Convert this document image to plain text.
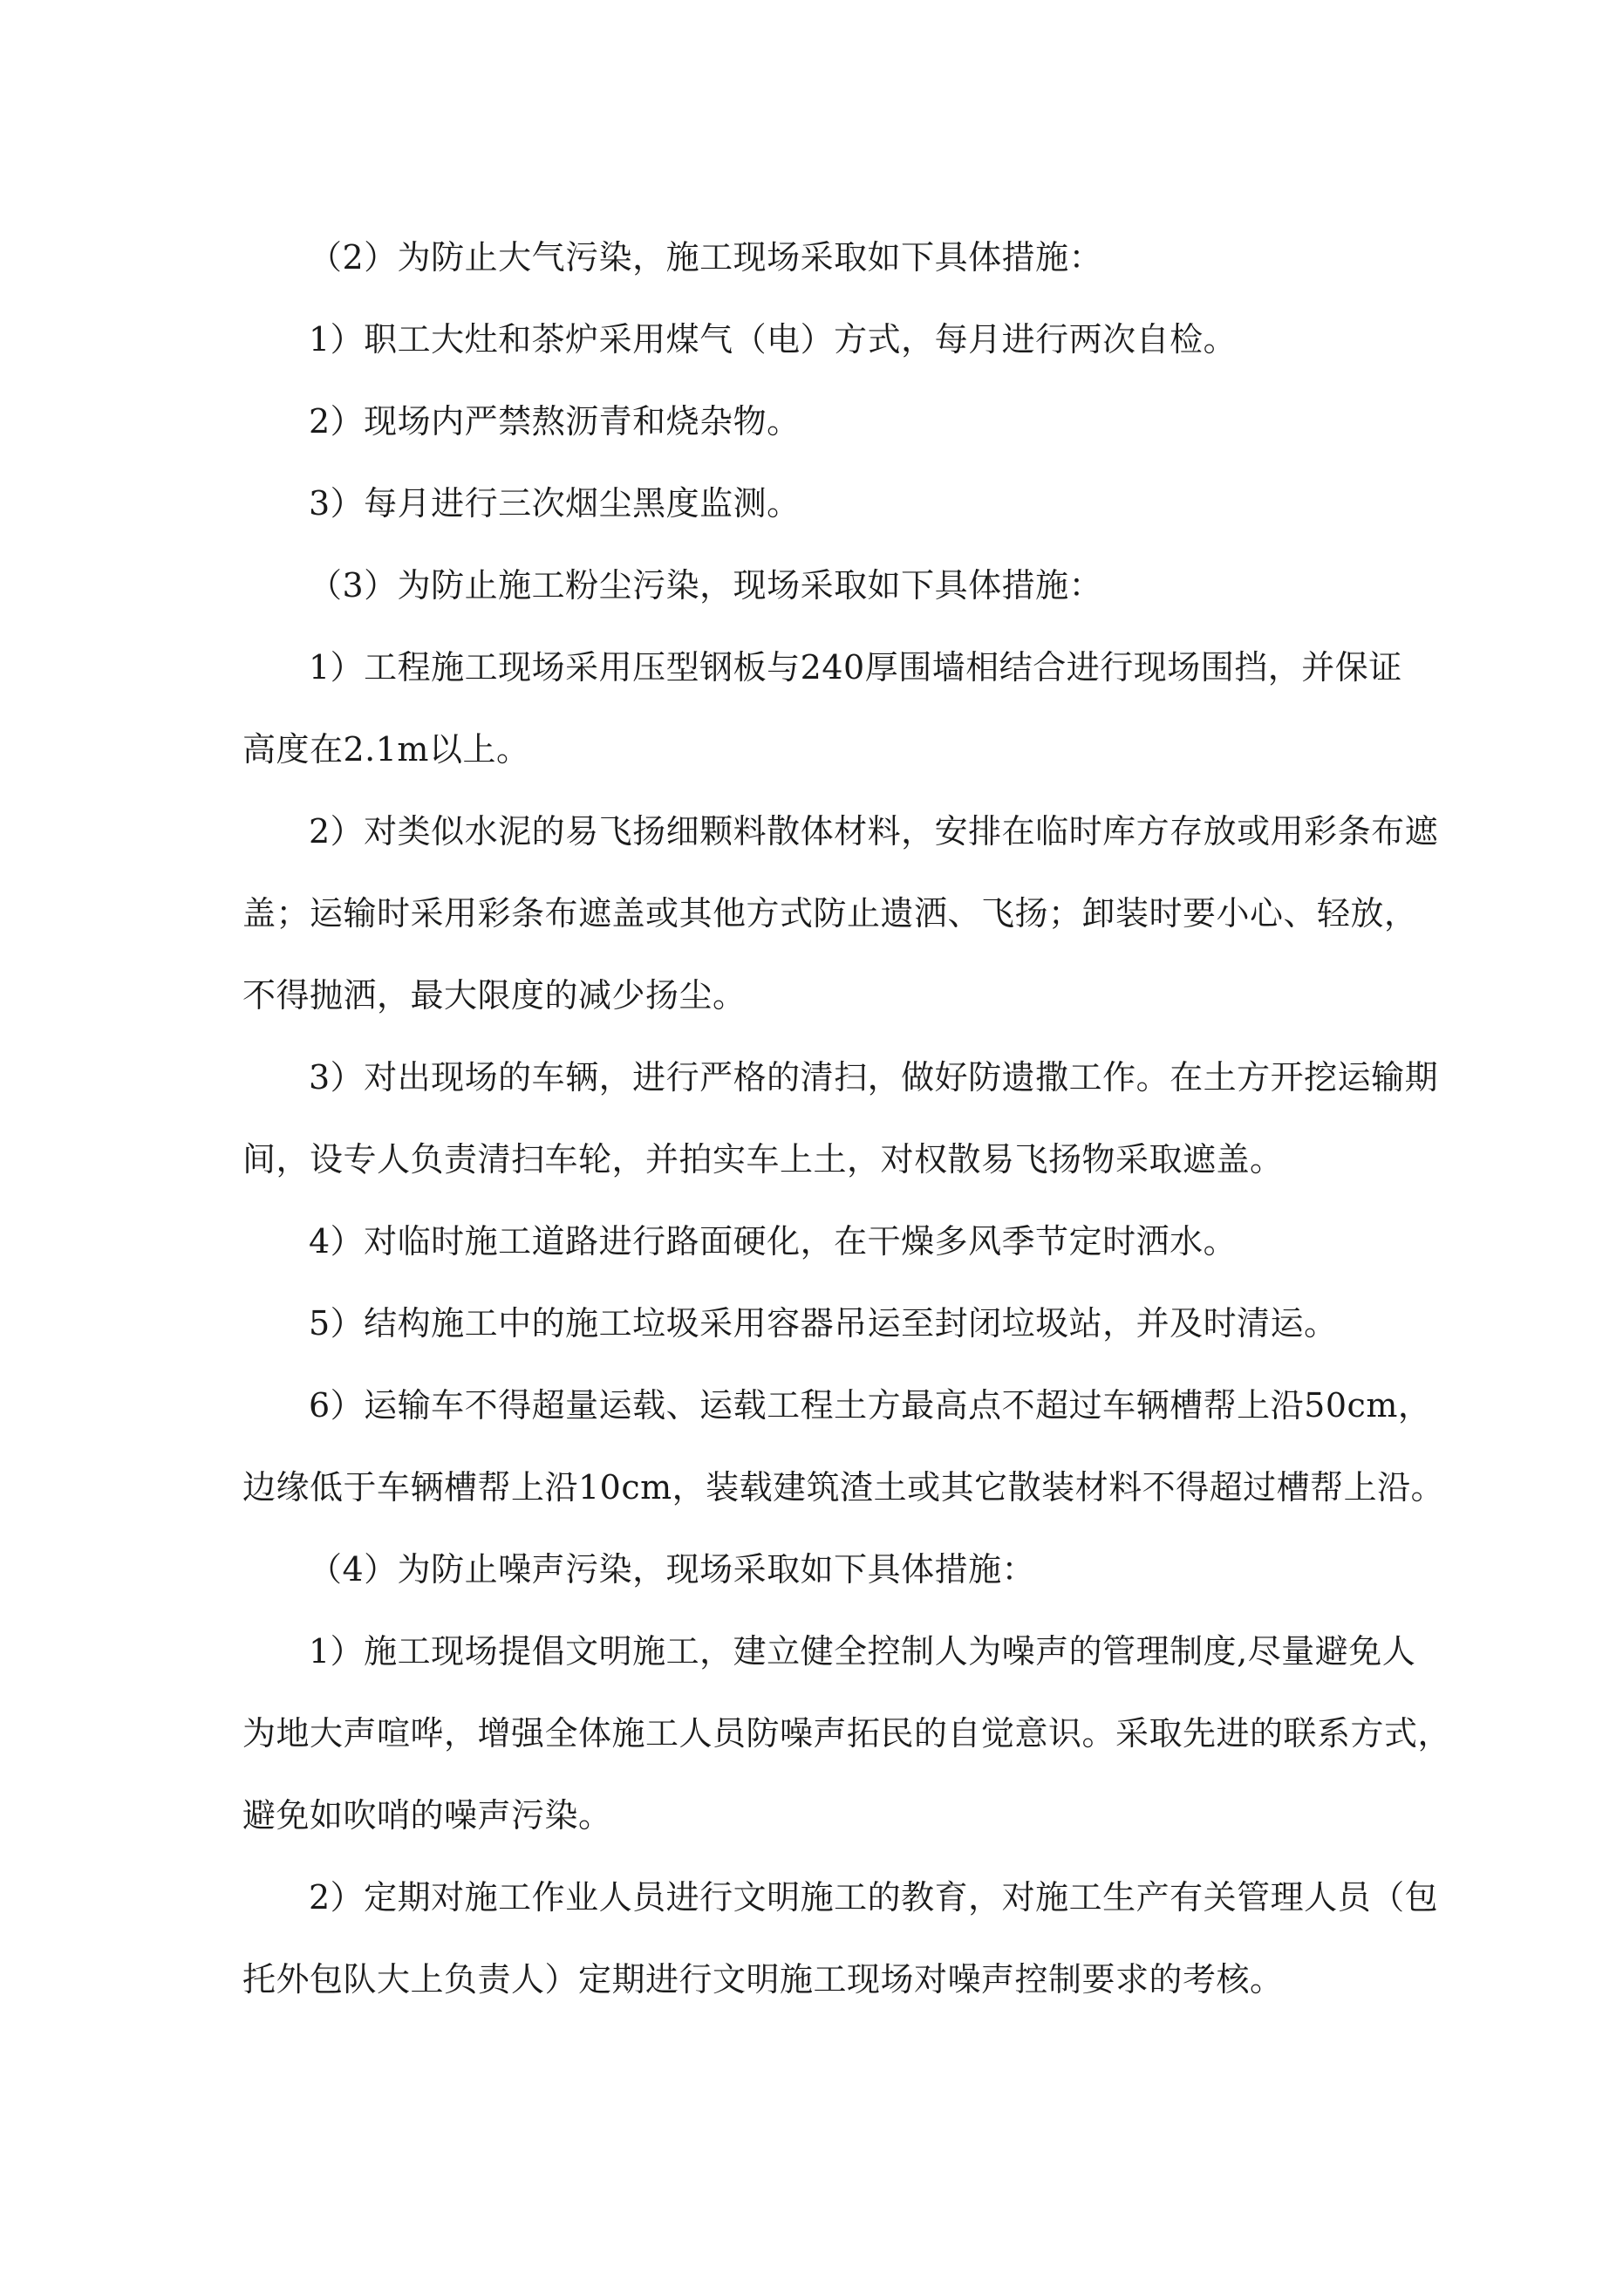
（2）为防止大气污染，施工现场采取如下具体措施：

1）职工大灶和茶炉采用煤气（电）方式，每月进行两次自检。

2）现场内严禁熬沥青和烧杂物。

3）每月进行三次烟尘黑度监测。

（3）为防止施工粉尘污染，现场采取如下具体措施：

1）工程施工现场采用压型钢板与240厚围墙相结合进行现场围挡，并保证
高度在2.1m以上。

2）对类似水泥的易飞扬细颗料散体材料，安排在临时库方存放或用彩条布遮
盖；运输时采用彩条布遮盖或其他方式防止遗洒、飞扬；卸装时要小心、轻放，
不得抛洒，最大限度的减少扬尘。

3）对出现场的车辆，进行严格的清扫，做好防遗撒工作。在土方开挖运输期
间，设专人负责清扫车轮，并拍实车上土，对权散易飞扬物采取遮盖。

4）对临时施工道路进行路面硬化，在干燥多风季节定时洒水。

5）结构施工中的施工垃圾采用容器吊运至封闭垃圾站，并及时清运。

6）运输车不得超量运载、运载工程土方最高点不超过车辆槽帮上沿50cm，
边缘低于车辆槽帮上沿10cm，装载建筑渣土或其它散装材料不得超过槽帮上沿。

（4）为防止噪声污染，现场采取如下具体措施：

1）施工现场提倡文明施工，建立健全控制人为噪声的管理制度,尽量避免人
为地大声喧哗，增强全体施工人员防噪声拓民的自觉意识。采取先进的联系方式，
避免如吹哨的噪声污染。

2）定期对施工作业人员进行文明施工的教育，对施工生产有关管理人员（包
托外包队大上负责人）定期进行文明施工现场对噪声控制要求的考核。
